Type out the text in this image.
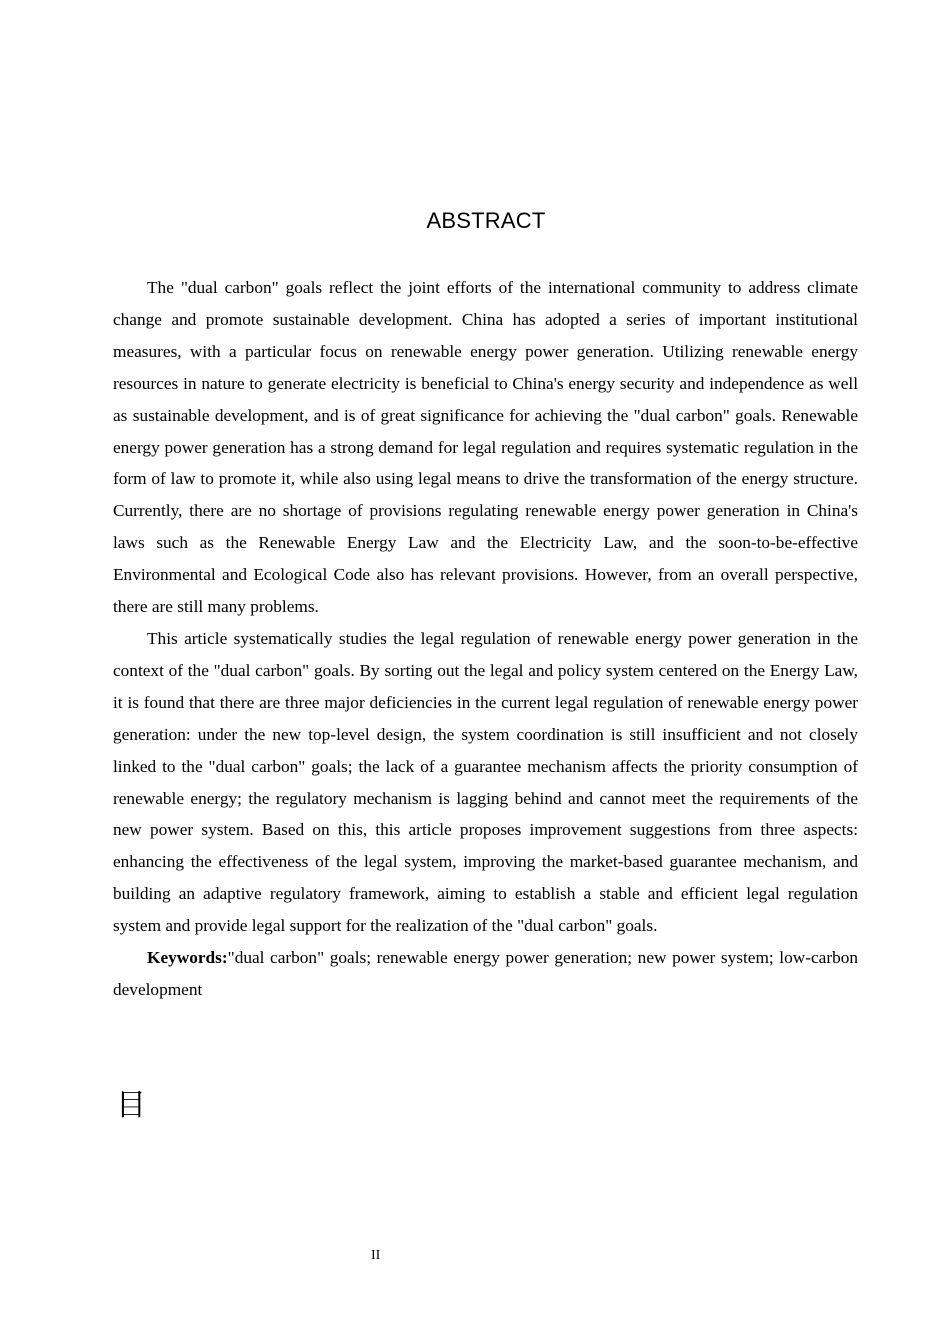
ABSTRACT

The "dual carbon" goals reflect the joint efforts of the international community to address climate change and promote sustainable development. China has adopted a series of important institutional measures, with a particular focus on renewable energy power generation. Utilizing renewable energy resources in nature to generate electricity is beneficial to China's energy security and independence as well as sustainable development, and is of great significance for achieving the "dual carbon" goals. Renewable energy power generation has a strong demand for legal regulation and requires systematic regulation in the form of law to promote it, while also using legal means to drive the transformation of the energy structure. Currently, there are no shortage of provisions regulating renewable energy power generation in China's laws such as the Renewable Energy Law and the Electricity Law, and the soon-to-be-effective Environmental and Ecological Code also has relevant provisions. However, from an overall perspective, there are still many problems.

This article systematically studies the legal regulation of renewable energy power generation in the context of the "dual carbon" goals. By sorting out the legal and policy system centered on the Energy Law, it is found that there are three major deficiencies in the current legal regulation of renewable energy power generation: under the new top-level design, the system coordination is still insufficient and not closely linked to the "dual carbon" goals; the lack of a guarantee mechanism affects the priority consumption of renewable energy; the regulatory mechanism is lagging behind and cannot meet the requirements of the new power system. Based on this, this article proposes improvement suggestions from three aspects: enhancing the effectiveness of the legal system, improving the market-based guarantee mechanism, and building an adaptive regulatory framework, aiming to establish a stable and efficient legal regulation system and provide legal support for the realization of the "dual carbon" goals.

Keywords:"dual carbon" goals; renewable energy power generation; new power system; low-carbon development

目
II
